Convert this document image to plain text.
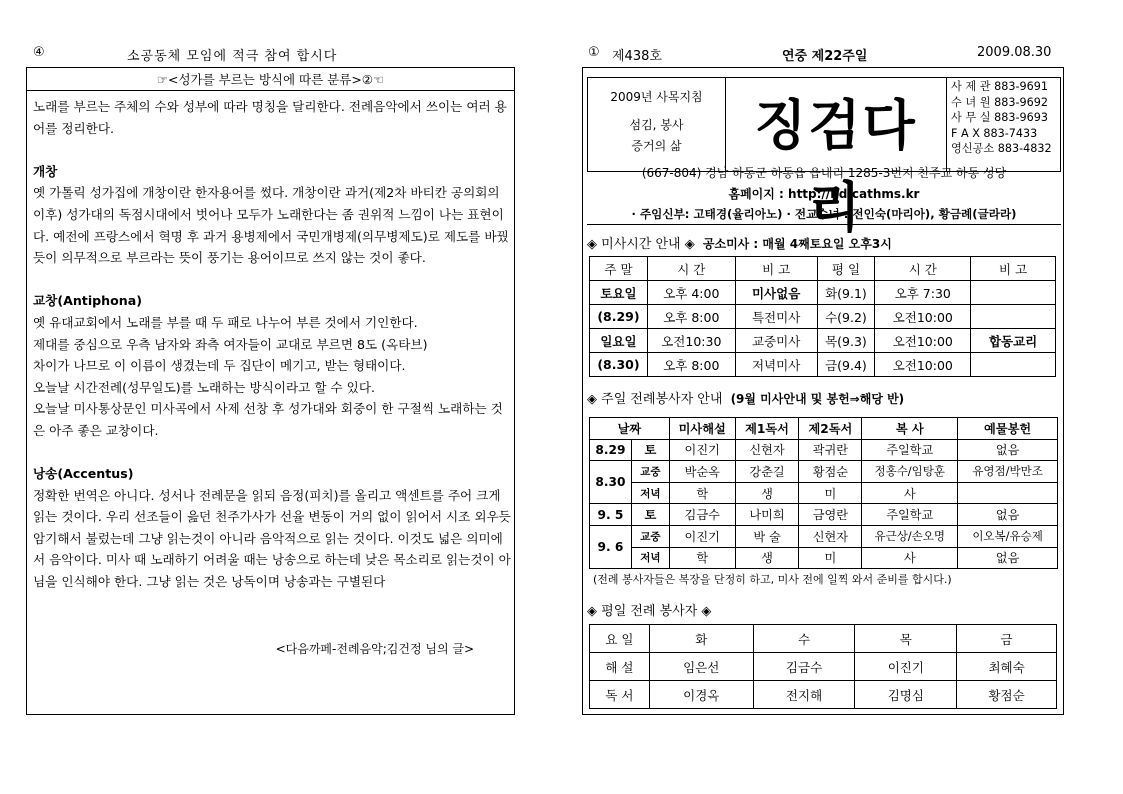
④	소공동체 모임에 적극 참여 합시다	① 제438호	연중 제22주일	2009.08.30
☞<성가를 부르는 방식에 따른 분류>②☜

노래를 부르는 주체의 수와 성부에 따라 명칭을 달리한다. 전례음악에서 쓰이는 여러 용어를 정리한다.

개창

옛 가톨릭 성가집에 개창이란 한자용어를 썼다. 개창이란 과거(제2차 바티칸 공의회의 이후) 성가대의 독점시대에서 벗어나 모두가 노래한다는 좀 권위적 느낌이 나는 표현이다. 예전에 프랑스에서 혁명 후 과거 용병제에서 국민개병제(의무병제도)로 제도를 바꿨듯이 의무적으로 부르라는 뜻이 풍기는 용어이므로 쓰지 않는 것이 좋다.

교창(Antiphona)

옛 유대교회에서 노래를 부를 때 두 패로 나누어 부른 것에서 기인한다.

제대를 중심으로 우측 남자와 좌측 여자들이 교대로 부르면 8도 (옥타브)

차이가 나므로 이 이름이 생겼는데 두 집단이 메기고, 받는 형태이다.

오늘날 시간전례(성무일도)를 노래하는 방식이라고 할 수 있다.

오늘날 미사통상문인 미사곡에서 사제 선창 후 성가대와 회중이 한 구절씩 노래하는 것은 아주 좋은 교창이다.

낭송(Accentus)

정확한 번역은 아니다. 성서나 전례문을 읽되 음정(피치)를 올리고 액센트를 주어 크게 읽는 것이다. 우리 선조들이 읊던 천주가사가 선율 변동이 거의 없이 읽어서 시조 외우듯 암기해서 불렀는데 그냥 읽는것이 아니라 음악적으로 읽는 것이다. 이것도 넓은 의미에서 음악이다. 미사 때 노래하기 어려울 때는 낭송으로 하는데 낮은 목소리로 읽는것이 아님을 인식해야 한다. 그냥 읽는 것은 낭독이며 낭송과는 구별된다

<다음까페-전례음악;김건정 님의 글>
2009년 사목지침
섬김, 봉사
증거의 삶	징검다리
사 제 관 883-9691
수 녀 원 883-9692
사 무 실 883-9693
F A X 883-7433
영신공소 883-4832
(667-804) 경남 하동군 하동읍 읍내리 1285-3번지 천주교 하동 성당
홈페이지 : http://hd.cathms.kr
· 주임신부: 고태경(율리아노) · 전교수녀 : 전인숙(마리아), 황금례(글라라)
◈ 미사시간 안내 ◈ 공소미사 : 매월 4째토요일 오후3시
주 말	시 간	비 고	평 일	시 간	비 고
토요일	오후 4:00	미사없음	화(9.1)	오후 7:30	
(8.29)	오후 8:00	특전미사	수(9.2)	오전10:00	
일요일	오전10:30	교중미사	목(9.3)	오전10:00	합동교리
(8.30)	오후 8:00	저녁미사	금(9.4)	오전10:00	
◈ 주일 전례봉사자 안내 (9월 미사안내 및 봉헌⇒해당 반)
날짜		미사해설	제1독서	제2독서	복 사	예물봉헌
8.29	토	이진기	신현자	곽귀란	주일학교	없음
8.30	교중	박순옥	강춘길	황점순	정홍수/임탕훈	유영점/박만조
	저녁	학	생	미	사	
9. 5	토	김금수	나미희	금영란	주일학교	없음
9. 6	교중	이진기	박 술	신현자	유근상/손오명	이오복/유승제
	저녁	학	생	미	사	없음
(전례 봉사자들은 복장을 단정히 하고, 미사 전에 일찍 와서 준비를 합시다.)
◈ 평일 전례 봉사자 ◈
요 일	화	수	목	금
해 설	임은선	김금수	이진기	최혜숙
독 서	이경옥	전지해	김명심	황점순
